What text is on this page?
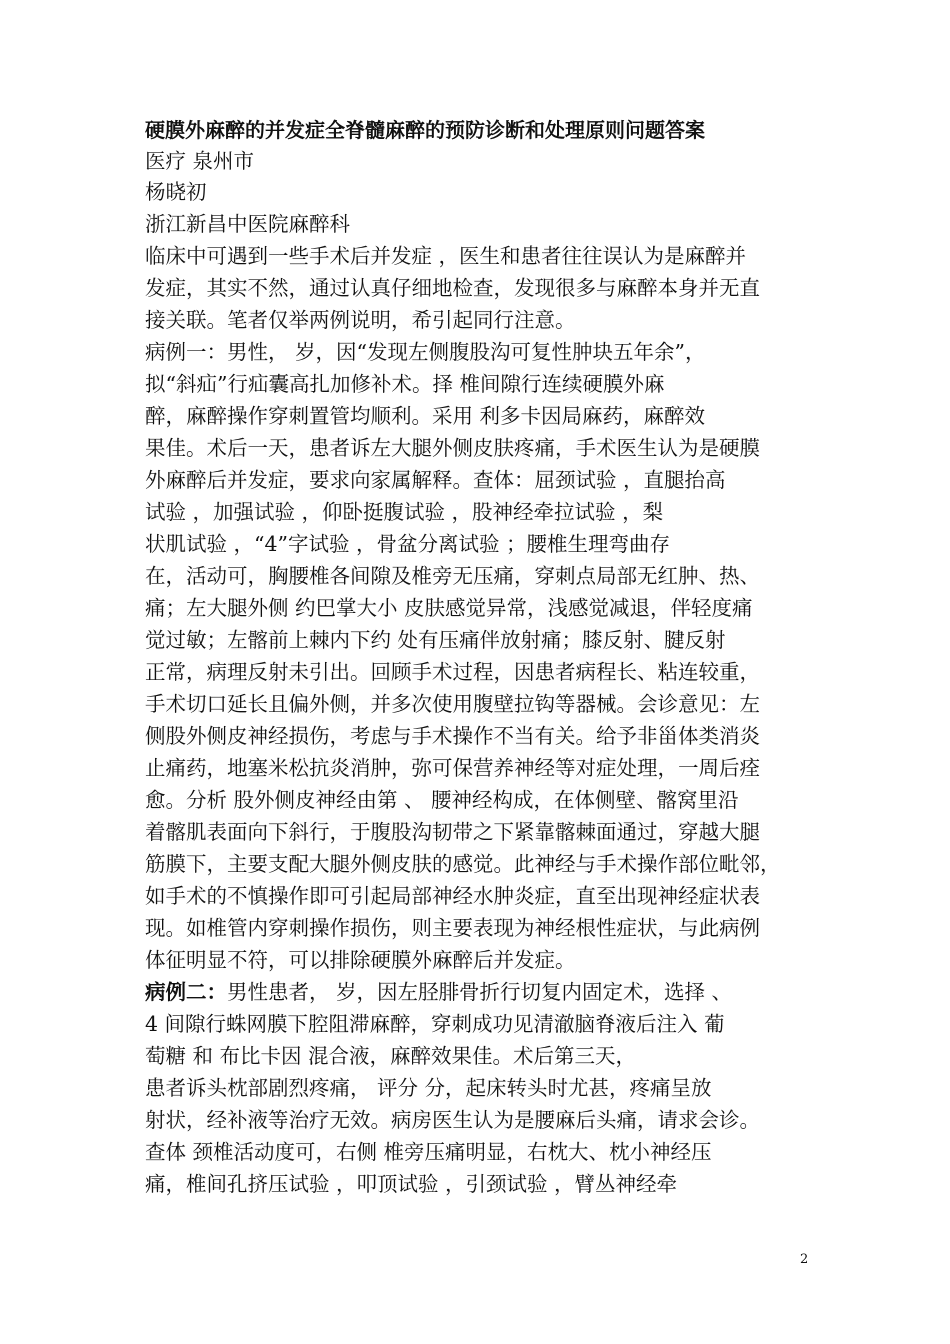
硬膜外麻醉的并发症全脊髓麻醉的预防诊断和处理原则问题答案
医疗 泉州市
杨晓初
浙江新昌中医院麻醉科
临床中可遇到一些手术后并发症 ，医生和患者往往误认为是麻醉并
发症，其实不然，通过认真仔细地检查，发现很多与麻醉本身并无直
接关联。笔者仅举两例说明，希引起同行注意。
病例一：男性， 岁，因“发现左侧腹股沟可复性肿块五年余”，
拟“斜疝”行疝囊高扎加修补术。择 椎间隙行连续硬膜外麻
醉，麻醉操作穿刺置管均顺利。采用 利多卡因局麻药，麻醉效
果佳。术后一天，患者诉左大腿外侧皮肤疼痛，手术医生认为是硬膜
外麻醉后并发症，要求向家属解释。查体：屈颈试验 ，直腿抬高
试验 ，加强试验 ，仰卧挺腹试验 ，股神经牵拉试验 ，梨
状肌试验 ，“4”字试验 ，骨盆分离试验 ；腰椎生理弯曲存
在，活动可，胸腰椎各间隙及椎旁无压痛，穿刺点局部无红肿、热、
痛；左大腿外侧 约巴掌大小 皮肤感觉异常，浅感觉减退，伴轻度痛
觉过敏；左髂前上棘内下约 处有压痛伴放射痛；膝反射、腱反射
正常，病理反射未引出。回顾手术过程，因患者病程长、粘连较重，
手术切口延长且偏外侧，并多次使用腹壁拉钩等器械。会诊意见：左
侧股外侧皮神经损伤，考虑与手术操作不当有关。给予非甾体类消炎
止痛药，地塞米松抗炎消肿，弥可保营养神经等对症处理，一周后痊
愈。分析 股外侧皮神经由第 、 腰神经构成，在体侧壁、髂窝里沿
着髂肌表面向下斜行，于腹股沟韧带之下紧靠髂棘面通过，穿越大腿
筋膜下，主要支配大腿外侧皮肤的感觉。此神经与手术操作部位毗邻，
如手术的不慎操作即可引起局部神经水肿炎症，直至出现神经症状表
现。如椎管内穿刺操作损伤，则主要表现为神经根性症状，与此病例
体征明显不符，可以排除硬膜外麻醉后并发症。
病例二：男性患者， 岁，因左胫腓骨折行切复内固定术，选择 、
4 间隙行蛛网膜下腔阻滞麻醉，穿刺成功见清澈脑脊液后注入 葡
萄糖 和 布比卡因 混合液，麻醉效果佳。术后第三天，
患者诉头枕部剧烈疼痛， 评分 分，起床转头时尤甚，疼痛呈放
射状，经补液等治疗无效。病房医生认为是腰麻后头痛，请求会诊。
查体 颈椎活动度可，右侧 椎旁压痛明显，右枕大、枕小神经压
痛，椎间孔挤压试验 ，叩顶试验 ，引颈试验 ，臂丛神经牵
2
